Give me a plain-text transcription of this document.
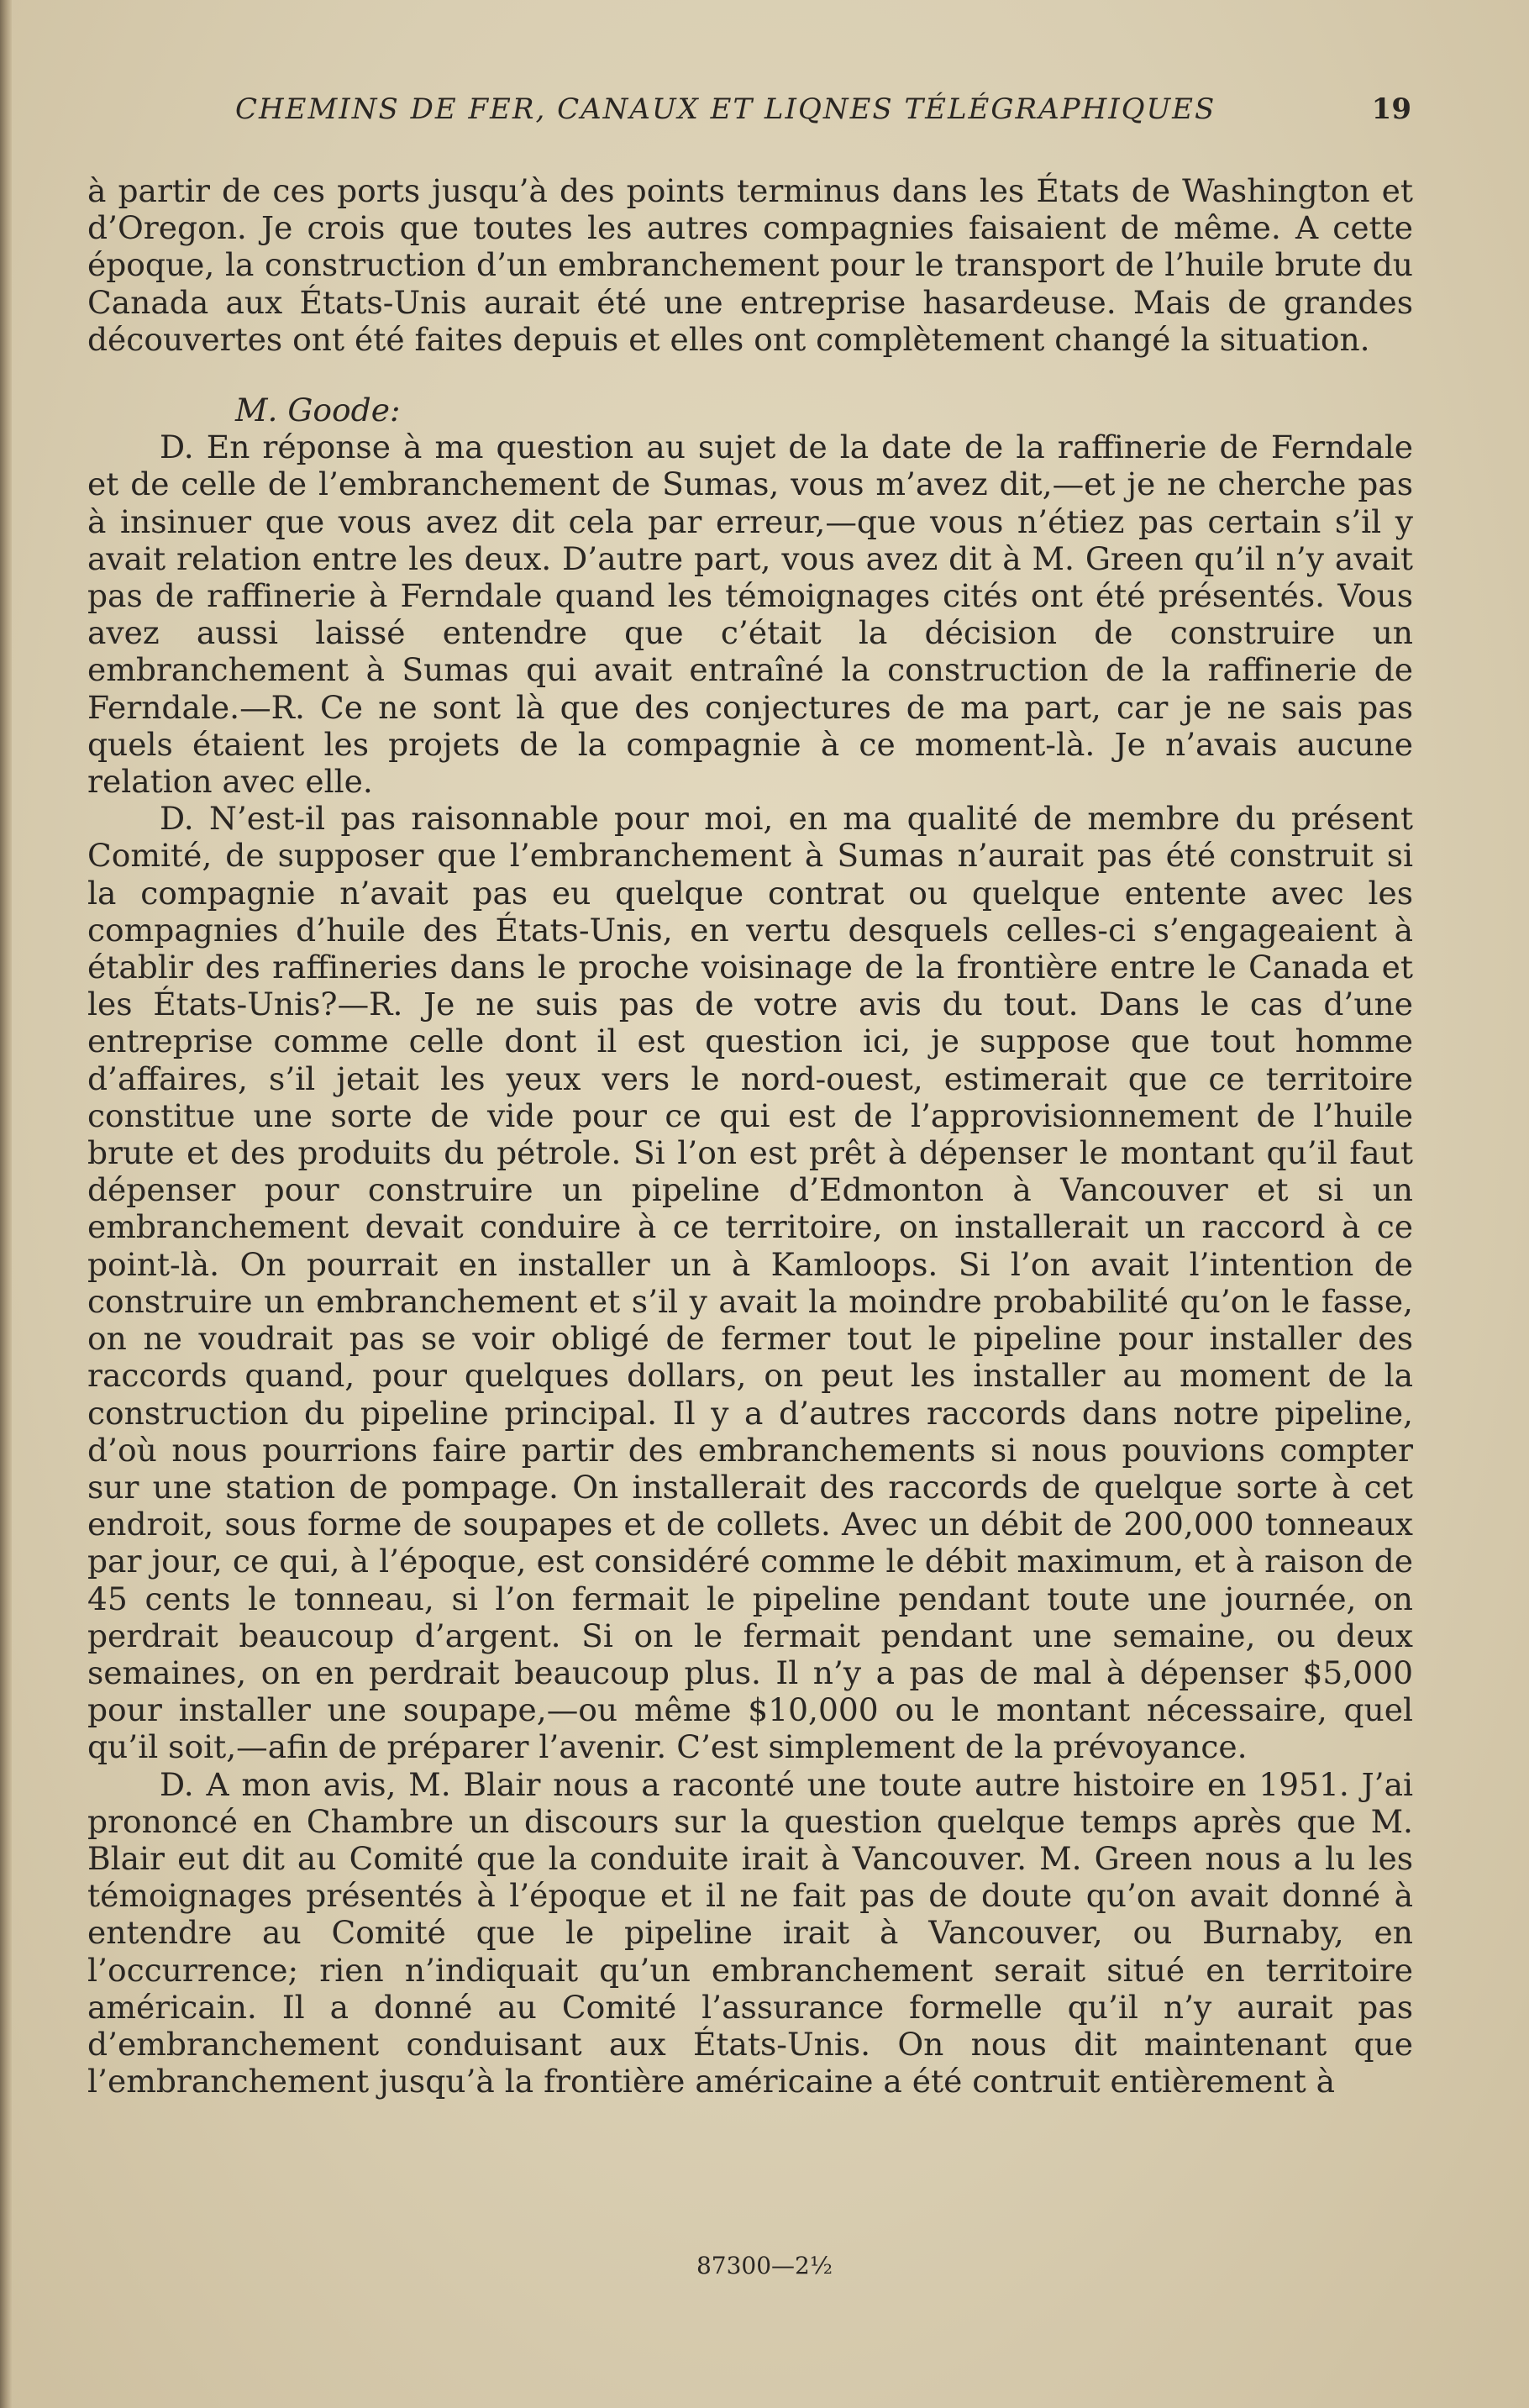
CHEMINS DE FER, CANAUX ET LIQNES TÉLÉGRAPHIQUES	19

à partir de ces ports jusqu’à des points terminus dans les États de Washington et d’Oregon. Je crois que toutes les autres compagnies faisaient de même. A cette époque, la construction d’un embranchement pour le transport de l’huile brute du Canada aux États-Unis aurait été une entreprise hasardeuse. Mais de grandes découvertes ont été faites depuis et elles ont complètement changé la situation.

M. Goode:

D. En réponse à ma question au sujet de la date de la raffinerie de Ferndale et de celle de l’embranchement de Sumas, vous m’avez dit,—et je ne cherche pas à insinuer que vous avez dit cela par erreur,—que vous n’étiez pas certain s’il y avait relation entre les deux. D’autre part, vous avez dit à M. Green qu’il n’y avait pas de raffinerie à Ferndale quand les témoignages cités ont été présentés. Vous avez aussi laissé entendre que c’était la décision de construire un embranchement à Sumas qui avait entraîné la construction de la raffinerie de Ferndale.—R. Ce ne sont là que des conjectures de ma part, car je ne sais pas quels étaient les projets de la compagnie à ce moment-là. Je n’avais aucune relation avec elle.

D. N’est-il pas raisonnable pour moi, en ma qualité de membre du présent Comité, de supposer que l’embranchement à Sumas n’aurait pas été construit si la compagnie n’avait pas eu quelque contrat ou quelque entente avec les compagnies d’huile des États-Unis, en vertu desquels celles-ci s’engageaient à établir des raffineries dans le proche voisinage de la frontière entre le Canada et les États-Unis?—R. Je ne suis pas de votre avis du tout. Dans le cas d’une entreprise comme celle dont il est question ici, je suppose que tout homme d’affaires, s’il jetait les yeux vers le nord-ouest, estimerait que ce territoire constitue une sorte de vide pour ce qui est de l’approvisionnement de l’huile brute et des produits du pétrole. Si l’on est prêt à dépenser le montant qu’il faut dépenser pour construire un pipeline d’Edmonton à Vancouver et si un embranchement devait conduire à ce territoire, on installerait un raccord à ce point-là. On pourrait en installer un à Kamloops. Si l’on avait l’intention de construire un embranchement et s’il y avait la moindre probabilité qu’on le fasse, on ne voudrait pas se voir obligé de fermer tout le pipeline pour installer des raccords quand, pour quelques dollars, on peut les installer au moment de la construction du pipeline principal. Il y a d’autres raccords dans notre pipeline, d’où nous pourrions faire partir des embranchements si nous pouvions compter sur une station de pompage. On installerait des raccords de quelque sorte à cet endroit, sous forme de soupapes et de collets. Avec un débit de 200,000 tonneaux par jour, ce qui, à l’époque, est considéré comme le débit maximum, et à raison de 45 cents le tonneau, si l’on fermait le pipeline pendant toute une journée, on perdrait beaucoup d’argent. Si on le fermait pendant une semaine, ou deux semaines, on en perdrait beaucoup plus. Il n’y a pas de mal à dépenser $5,000 pour installer une soupape,—ou même $10,000 ou le montant nécessaire, quel qu’il soit,—afin de préparer l’avenir. C’est simplement de la prévoyance.

D. A mon avis, M. Blair nous a raconté une toute autre histoire en 1951. J’ai prononcé en Chambre un discours sur la question quelque temps après que M. Blair eut dit au Comité que la conduite irait à Vancouver. M. Green nous a lu les témoignages présentés à l’époque et il ne fait pas de doute qu’on avait donné à entendre au Comité que le pipeline irait à Vancouver, ou Burnaby, en l’occurrence; rien n’indiquait qu’un embranchement serait situé en territoire américain. Il a donné au Comité l’assurance formelle qu’il n’y aurait pas d’embranchement conduisant aux États-Unis. On nous dit maintenant que l’embranchement jusqu’à la frontière américaine a été contruit entièrement à

87300—2½
